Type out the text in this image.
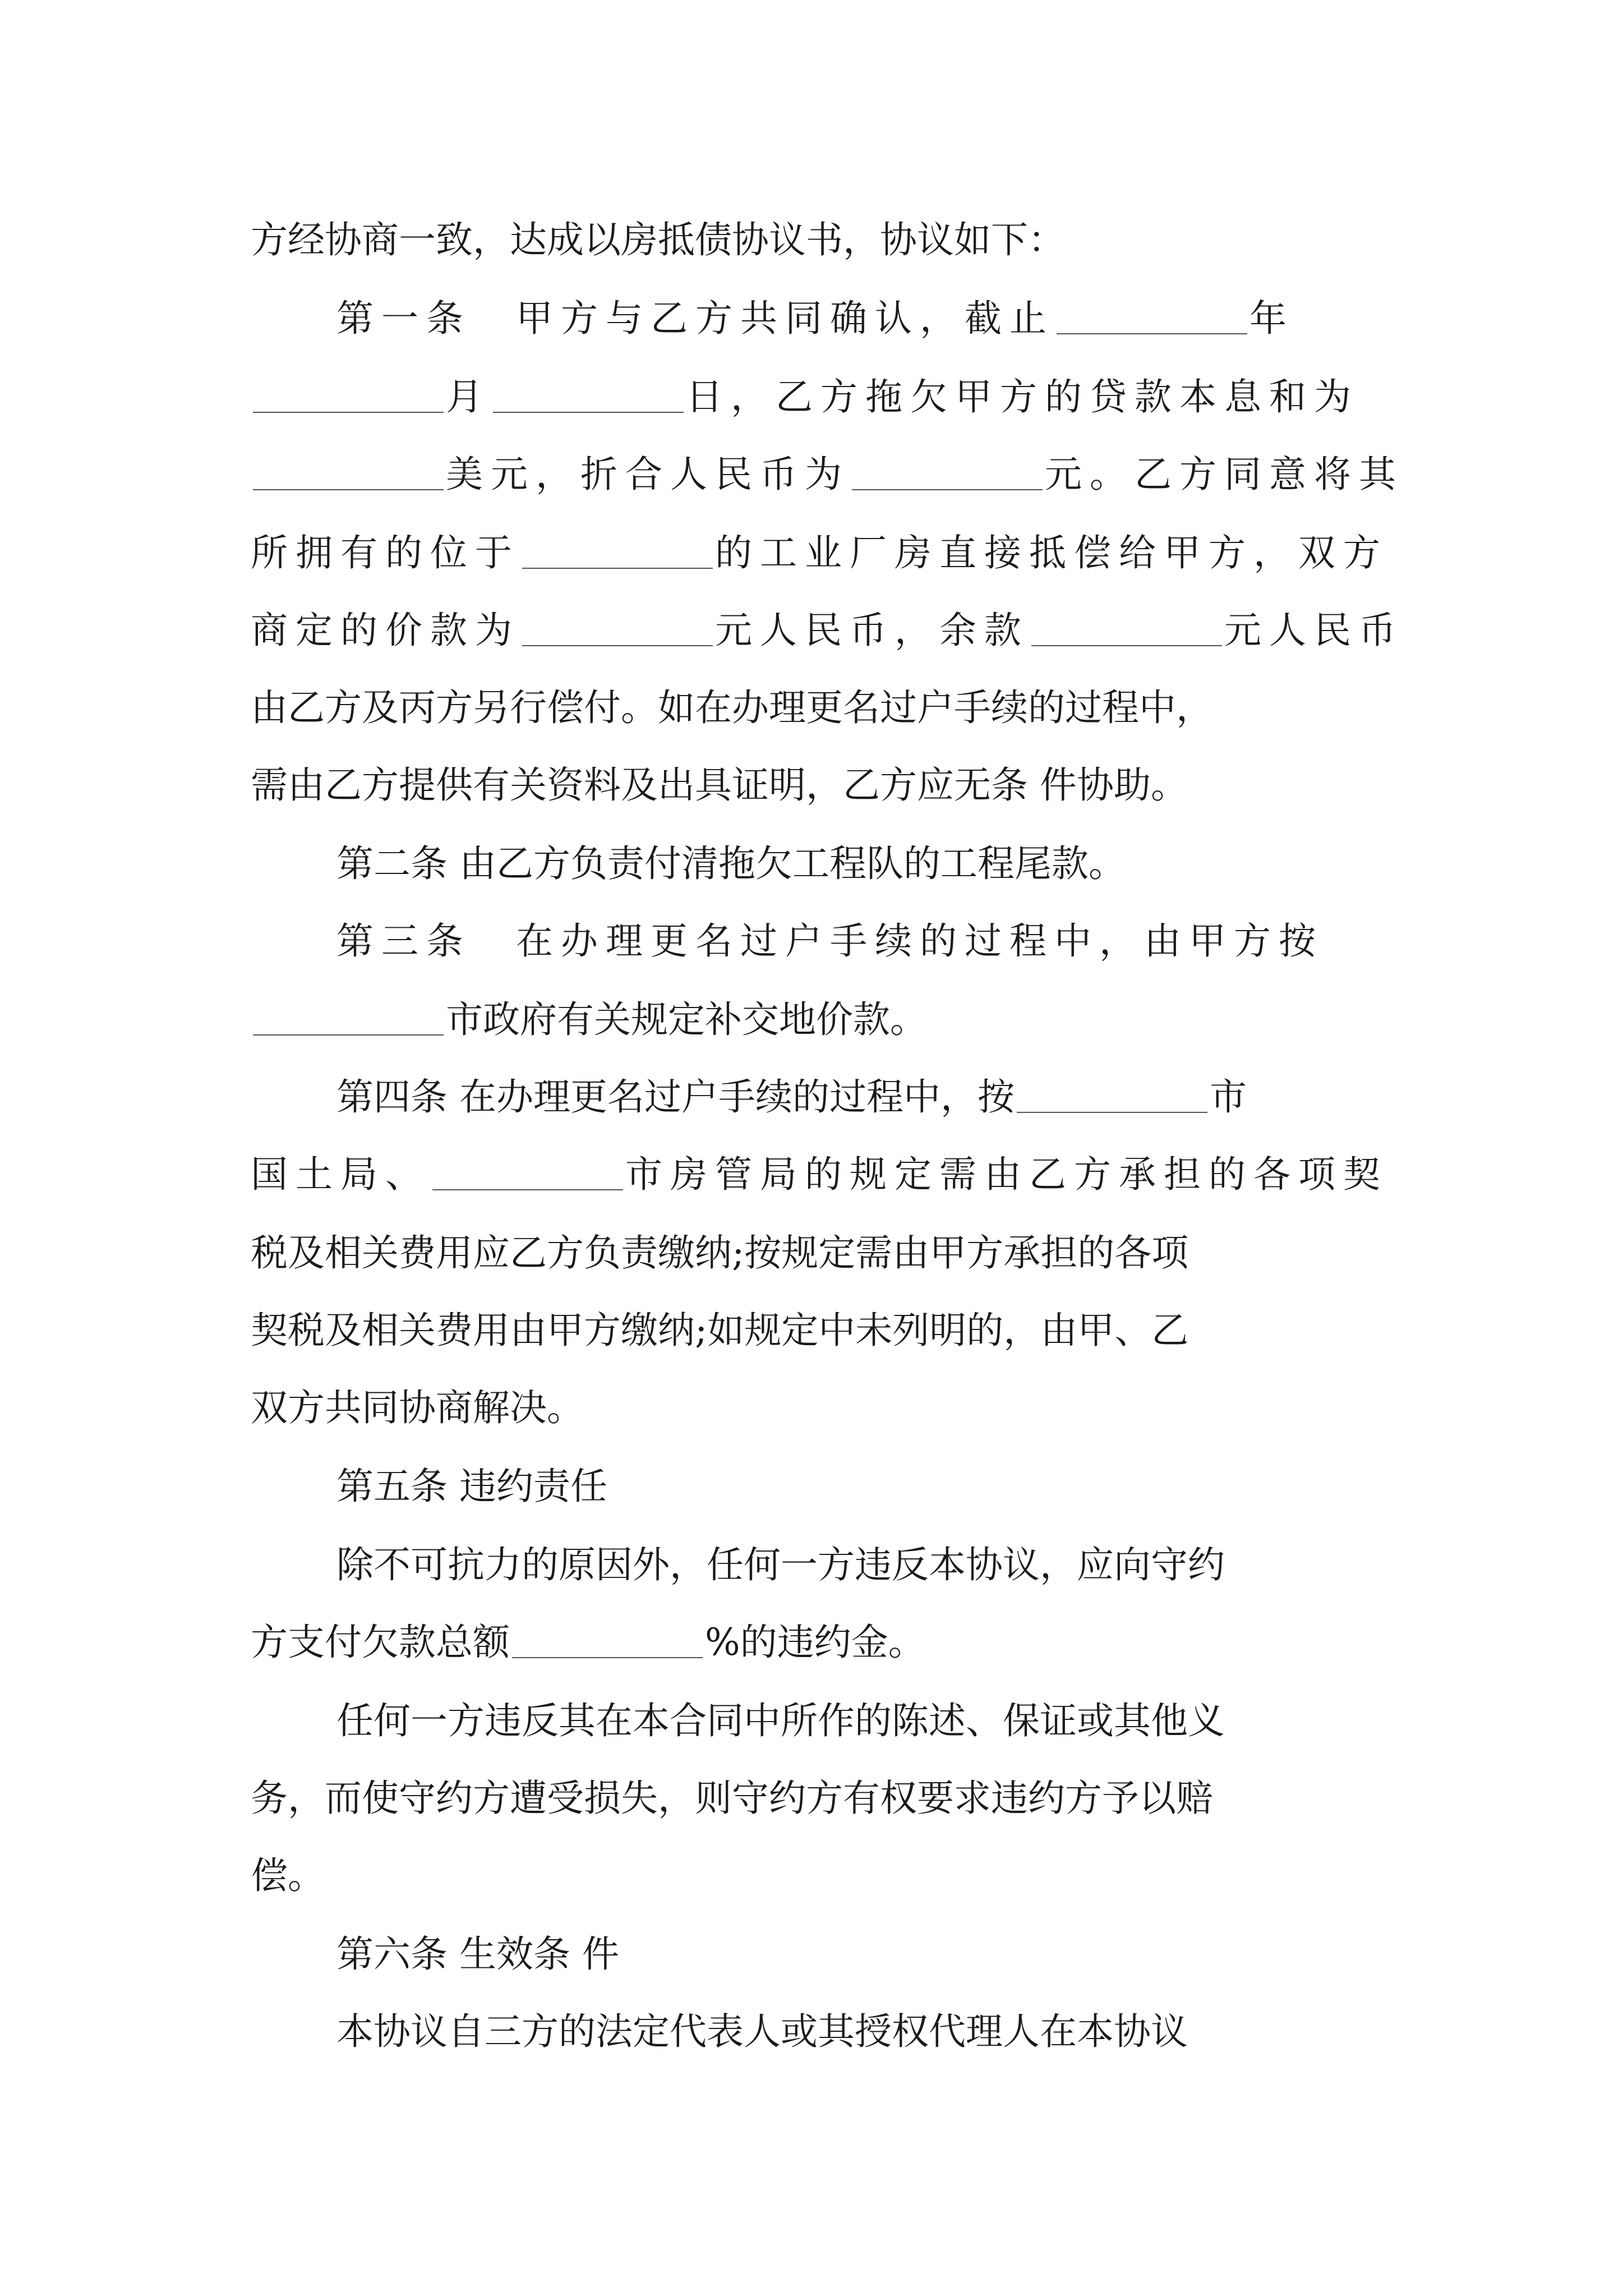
方经协商一致，达成以房抵债协议书，协议如下：
第一条　甲方与乙方共同确认，截止	年
月	日，乙方拖欠甲方的贷款本息和为
美元，折合人民币为	元。乙方同意将其
所拥有的位于	的工业厂房直接抵偿给甲方，双方
商定的价款为	元人民币，余款	元人民币
由乙方及丙方另行偿付。如在办理更名过户手续的过程中，
需由乙方提供有关资料及出具证明，乙方应无条 件协助。
第二条 由乙方负责付清拖欠工程队的工程尾款。
第三条　在办理更名过户手续的过程中，由甲方按
市政府有关规定补交地价款。
第四条 在办理更名过户手续的过程中，按	市
国土局、	市房管局的规定需由乙方承担的各项契
税及相关费用应乙方负责缴纳;按规定需由甲方承担的各项
契税及相关费用由甲方缴纳;如规定中未列明的，由甲、乙
双方共同协商解决。
第五条 违约责任
除不可抗力的原因外，任何一方违反本协议，应向守约
方支付欠款总额	%的违约金。
任何一方违反其在本合同中所作的陈述、保证或其他义
务，而使守约方遭受损失，则守约方有权要求违约方予以赔
偿。
第六条 生效条 件
本协议自三方的法定代表人或其授权代理人在本协议
